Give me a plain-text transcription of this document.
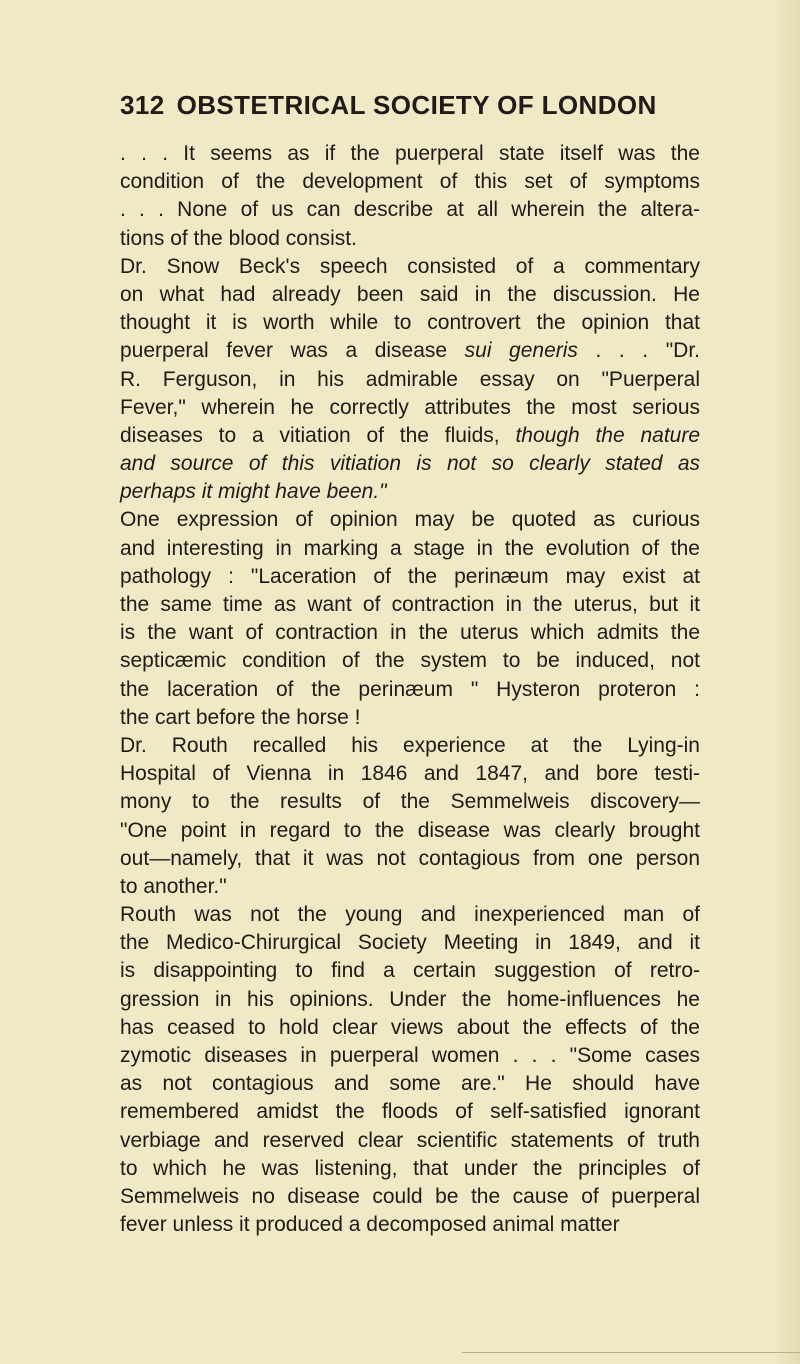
312 OBSTETRICAL SOCIETY OF LONDON
. . . It seems as if the puerperal state itself was the
condition of the development of this set of symptoms
. . . None of us can describe at all wherein the altera-
tions of the blood consist.
Dr. Snow Beck's speech consisted of a commentary
on what had already been said in the discussion. He
thought it is worth while to controvert the opinion that
puerperal fever was a disease sui generis . . . "Dr.
R. Ferguson, in his admirable essay on "Puerperal
Fever," wherein he correctly attributes the most serious
diseases to a vitiation of the fluids, though the nature
and source of this vitiation is not so clearly stated as
perhaps it might have been."
One expression of opinion may be quoted as curious
and interesting in marking a stage in the evolution of the
pathology : "Laceration of the perinæum may exist at
the same time as want of contraction in the uterus, but it
is the want of contraction in the uterus which admits the
septicæmic condition of the system to be induced, not
the laceration of the perinæum " Hysteron proteron :
the cart before the horse !
Dr. Routh recalled his experience at the Lying-in
Hospital of Vienna in 1846 and 1847, and bore testi-
mony to the results of the Semmelweis discovery—
"One point in regard to the disease was clearly brought
out—namely, that it was not contagious from one person
to another."
Routh was not the young and inexperienced man of
the Medico-Chirurgical Society Meeting in 1849, and it
is disappointing to find a certain suggestion of retro-
gression in his opinions. Under the home-influences he
has ceased to hold clear views about the effects of the
zymotic diseases in puerperal women . . . "Some cases
as not contagious and some are." He should have
remembered amidst the floods of self-satisfied ignorant
verbiage and reserved clear scientific statements of truth
to which he was listening, that under the principles of
Semmelweis no disease could be the cause of puerperal
fever unless it produced a decomposed animal matter
